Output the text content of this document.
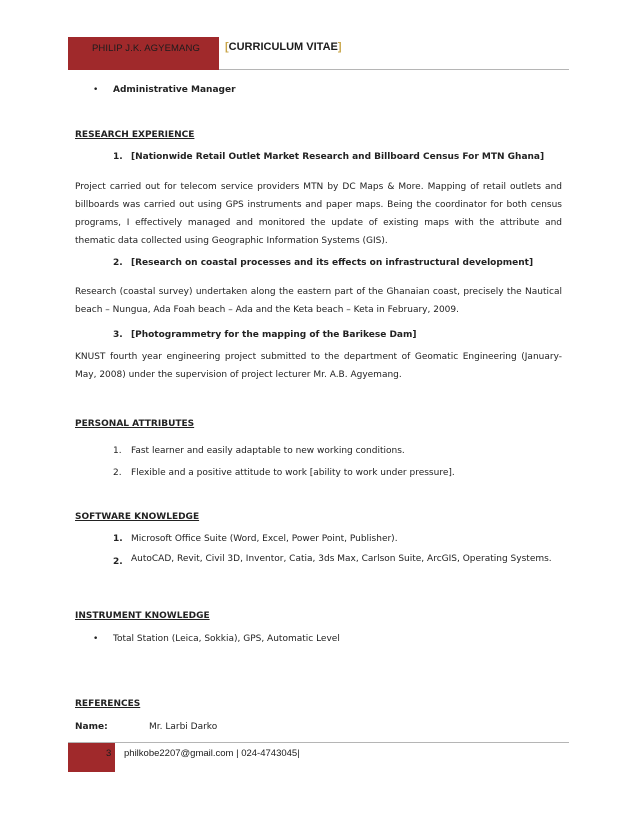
PHILIP J.K. AGYEMANG [CURRICULUM VITAE]
• Administrative Manager
RESEARCH EXPERIENCE
1. [Nationwide Retail Outlet Market Research and Billboard Census For MTN Ghana]
Project carried out for telecom service providers MTN by DC Maps & More. Mapping of retail outlets and billboards was carried out using GPS instruments and paper maps. Being the coordinator for both census programs, I effectively managed and monitored the update of existing maps with the attribute and thematic data collected using Geographic Information Systems (GIS).
2. [Research on coastal processes and its effects on infrastructural development]
Research (coastal survey) undertaken along the eastern part of the Ghanaian coast, precisely the Nautical beach – Nungua, Ada Foah beach – Ada and the Keta beach – Keta in February, 2009.
3. [Photogrammetry for the mapping of the Barikese Dam]
KNUST fourth year engineering project submitted to the department of Geomatic Engineering (January-May, 2008) under the supervision of project lecturer Mr. A.B. Agyemang.
PERSONAL ATTRIBUTES
1. Fast learner and easily adaptable to new working conditions.
2. Flexible and a positive attitude to work [ability to work under pressure].
SOFTWARE KNOWLEDGE
1. Microsoft Office Suite (Word, Excel, Power Point, Publisher).
2. AutoCAD, Revit, Civil 3D, Inventor, Catia, 3ds Max, Carlson Suite, ArcGIS, Operating Systems.
INSTRUMENT KNOWLEDGE
• Total Station (Leica, Sokkia), GPS, Automatic Level
REFERENCES
Name:	Mr. Larbi Darko
3 philkobe2207@gmail.com | 024-4743045|
